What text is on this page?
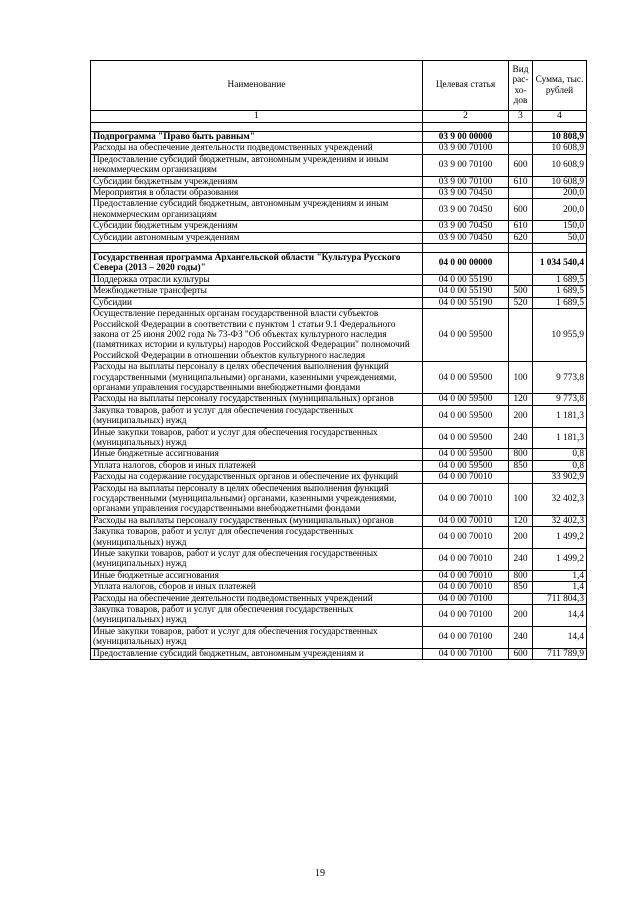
Наименование	Целевая статья	Вид рас-хо-дов	Сумма, тыс. рублей
1	2	3	4

Подпрограмма "Право быть равным"	03 9 00 00000		10 808,9
Расходы на обеспечение деятельности подведомственных учреждений	03 9 00 70100		10 608,9
Предоставление субсидий бюджетным, автономным учреждениям и иным некоммерческим организациям	03 9 00 70100	600	10 608,9
Субсидии бюджетным учреждениям	03 9 00 70100	610	10 608,9
Мероприятия в области образования	03 9 00 70450		200,0
Предоставление субсидий бюджетным, автономным учреждениям и иным некоммерческим организациям	03 9 00 70450	600	200,0
Субсидии бюджетным учреждениям	03 9 00 70450	610	150,0
Субсидии автономным учреждениям	03 9 00 70450	620	50,0

Государственная программа Архангельской области "Культура Русского Севера (2013 – 2020 годы)"	04 0 00 00000		1 034 540,4
Поддержка отрасли культуры	04 0 00 55190		1 689,5
Межбюджетные трансферты	04 0 00 55190	500	1 689,5
Субсидии	04 0 00 55190	520	1 689,5
Осуществление переданных органам государственной власти субъектов Российской Федерации в соответствии с пунктом 1 статьи 9.1 Федерального закона от 25 июня 2002 года № 73-ФЗ "Об объектах культурного наследия (памятниках истории и культуры) народов Российской Федерации" полномочий Российской Федерации в отношении объектов культурного наследия	04 0 00 59500		10 955,9
Расходы на выплаты персоналу в целях обеспечения выполнения функций государственными (муниципальными) органами, казенными учреждениями, органами управления государственными внебюджетными фондами	04 0 00 59500	100	9 773,8
Расходы на выплаты персоналу государственных (муниципальных) органов	04 0 00 59500	120	9 773,8
Закупка товаров, работ и услуг для обеспечения государственных (муниципальных) нужд	04 0 00 59500	200	1 181,3
Иные закупки товаров, работ и услуг для обеспечения государственных (муниципальных) нужд	04 0 00 59500	240	1 181,3
Иные бюджетные ассигнования	04 0 00 59500	800	0,8
Уплата налогов, сборов и иных платежей	04 0 00 59500	850	0,8
Расходы на содержание государственных органов и обеспечение их функций	04 0 00 70010		33 902,9
Расходы на выплаты персоналу в целях обеспечения выполнения функций государственными (муниципальными) органами, казенными учреждениями, органами управления государственными внебюджетными фондами	04 0 00 70010	100	32 402,3
Расходы на выплаты персоналу государственных (муниципальных) органов	04 0 00 70010	120	32 402,3
Закупка товаров, работ и услуг для обеспечения государственных (муниципальных) нужд	04 0 00 70010	200	1 499,2
Иные закупки товаров, работ и услуг для обеспечения государственных (муниципальных) нужд	04 0 00 70010	240	1 499,2
Иные бюджетные ассигнования	04 0 00 70010	800	1,4
Уплата налогов, сборов и иных платежей	04 0 00 70010	850	1,4
Расходы на обеспечение деятельности подведомственных учреждений	04 0 00 70100		711 804,3
Закупка товаров, работ и услуг для обеспечения государственных (муниципальных) нужд	04 0 00 70100	200	14,4
Иные закупки товаров, работ и услуг для обеспечения государственных (муниципальных) нужд	04 0 00 70100	240	14,4
Предоставление субсидий бюджетным, автономным учреждениям и	04 0 00 70100	600	711 789,9
19
